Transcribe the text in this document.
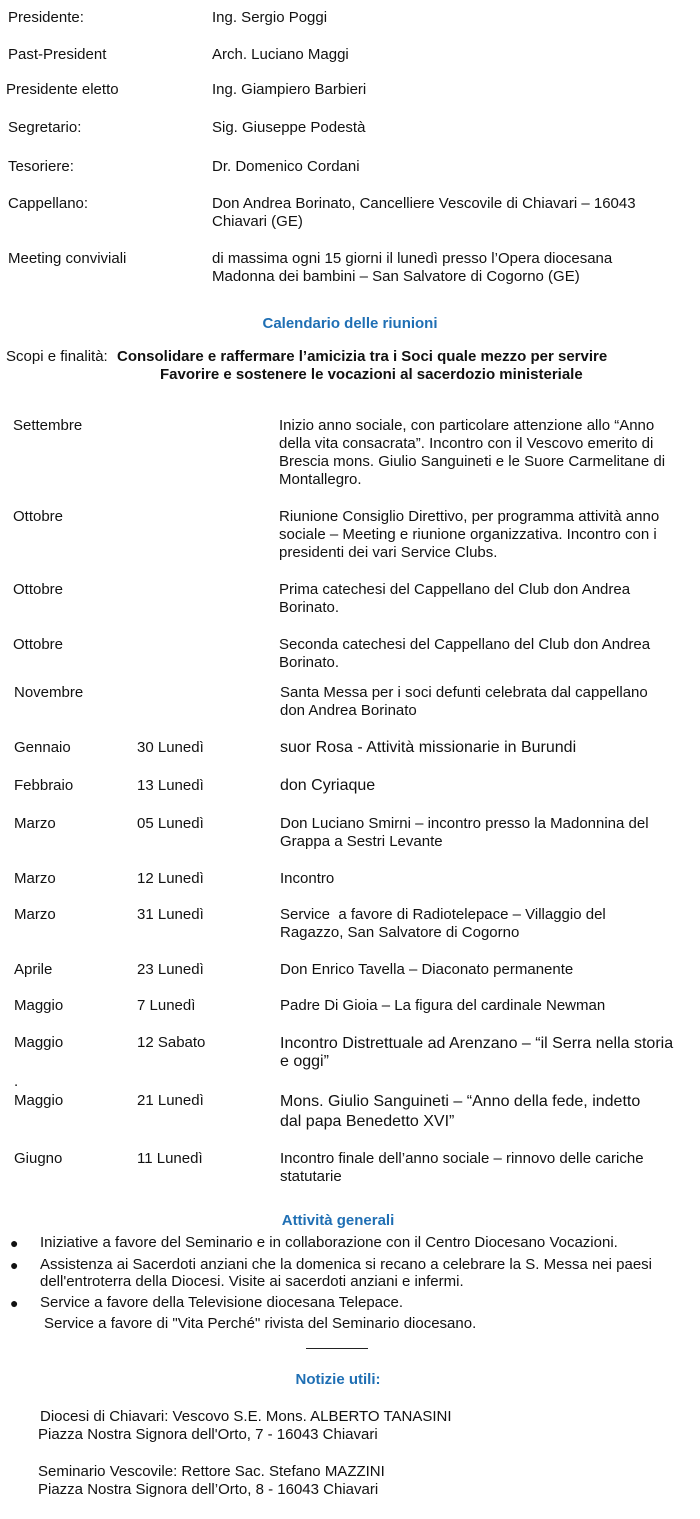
Presidente:	Ing. Sergio Poggi
Past-President	Arch. Luciano Maggi
Presidente eletto	Ing. Giampiero Barbieri
Segretario:	Sig. Giuseppe Podestà
Tesoriere:	Dr. Domenico Cordani
Cappellano:	Don Andrea Borinato, Cancelliere Vescovile di Chiavari – 16043
Chiavari (GE)
Meeting conviviali	di massima ogni 15 giorni il lunedì presso l’Opera diocesana
Madonna dei bambini – San Salvatore di Cogorno (GE)
Calendario delle riunioni
Scopi e finalità: Consolidare e raffermare l’amicizia tra i Soci quale mezzo per servire
Favorire e sostenere le vocazioni al sacerdozio ministeriale
Settembre	Inizio anno sociale, con particolare attenzione allo “Anno
della vita consacrata”. Incontro con il Vescovo emerito di
Brescia mons. Giulio Sanguineti e le Suore Carmelitane di
Montallegro.
Ottobre	Riunione Consiglio Direttivo, per programma attività anno
sociale – Meeting e riunione organizzativa. Incontro con i
presidenti dei vari Service Clubs.
Ottobre	Prima catechesi del Cappellano del Club don Andrea
Borinato.
Ottobre	Seconda catechesi del Cappellano del Club don Andrea
Borinato.
Novembre	Santa Messa per i soci defunti celebrata dal cappellano
don Andrea Borinato
Gennaio	30 Lunedì	suor Rosa - Attività missionarie in Burundi
Febbraio	13 Lunedì	don Cyriaque
Marzo	05 Lunedì	Don Luciano Smirni – incontro presso la Madonnina del
Grappa a Sestri Levante
Marzo	12 Lunedì	Incontro
Marzo	31 Lunedì	Service  a favore di Radiotelepace – Villaggio del
Ragazzo, San Salvatore di Cogorno
Aprile	23 Lunedì	Don Enrico Tavella – Diaconato permanente
Maggio	7 Lunedì	Padre Di Gioia – La figura del cardinale Newman
Maggio	12 Sabato	Incontro Distrettuale ad Arenzano – “il Serra nella storia
e oggi”
.
Maggio	21 Lunedì	Mons. Giulio Sanguineti – “Anno della fede, indetto
dal papa Benedetto XVI”
Giugno	11 Lunedì	Incontro finale dell’anno sociale – rinnovo delle cariche
statutarie
Attività generali
● Iniziative a favore del Seminario e in collaborazione con il Centro Diocesano Vocazioni.
● Assistenza ai Sacerdoti anziani che la domenica si recano a celebrare la S. Messa nei paesi
dell'entroterra della Diocesi. Visite ai sacerdoti anziani e infermi.
● Service a favore della Televisione diocesana Telepace.
Service a favore di "Vita Perché" rivista del Seminario diocesano.
Notizie utili:
Diocesi di Chiavari: Vescovo S.E. Mons. ALBERTO TANASINI
Piazza Nostra Signora dell'Orto, 7 - 16043 Chiavari
Seminario Vescovile: Rettore Sac. Stefano MAZZINI
Piazza Nostra Signora dell’Orto, 8 - 16043 Chiavari
